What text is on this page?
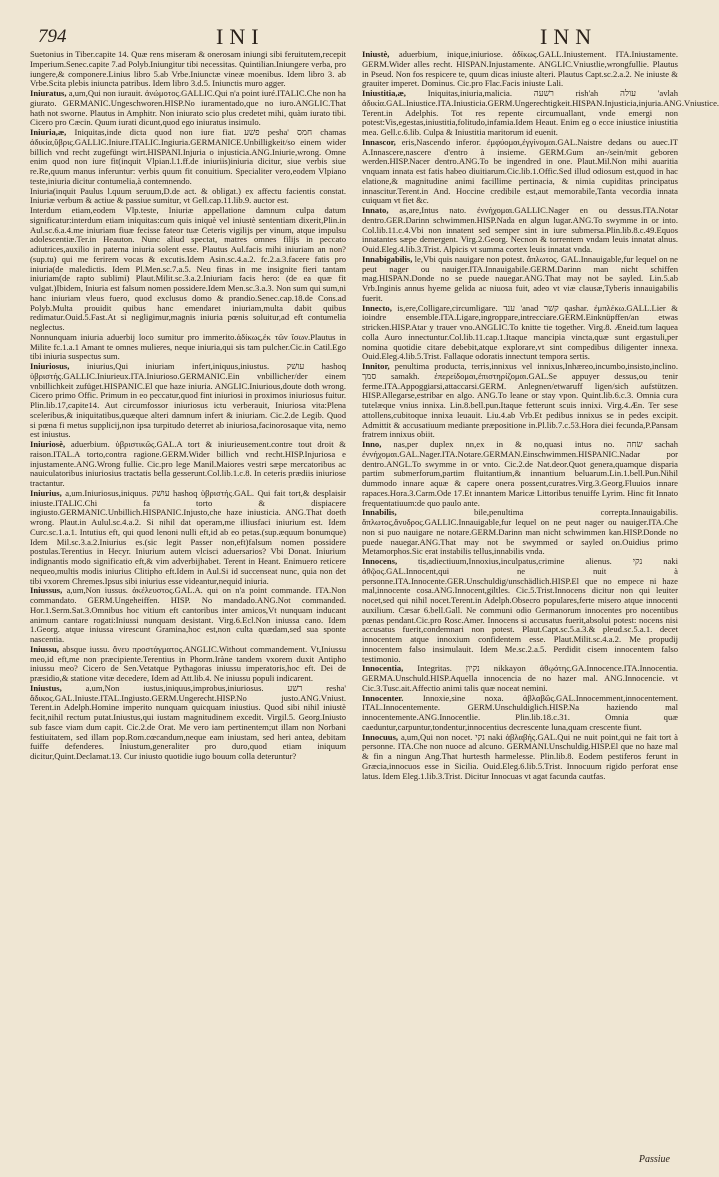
794	INI	INN

Suetonius in Tiber.capite 14. Quæ rens miseram & onerosam iniungi sibi feruitutem,recepit Imperium.Senec.capite 7.ad Polyb.Iniungitur tibi necessitas. Quintilian.Iniungere verba, pro iungere,& componere.Linius libro 5.ab Vrbe.Iniunctæ vineæ moenibus. Idem libro 3. ab Vrbe.Scita plebis iniuncta patribus. Idem libro 3.d.5. Iniunctis muro agger.

Iniuratus, a,um,Qui non iurauit. ἀνώμοτος.GALLIC.Qui n'a point iuré.ITALIC.Che non ha giurato. GERMANIC.Ungeschworen.HISP.No iuramentado,que no iuro.ANGLIC.That hath not sworne. Plautus in Amphitr. Non iniurato scio plus credetet mihi, quàm iurato tibi. Cicero pro Cæcin. Quum iurati dicunt,quod ego iniuratus insimulo.

Iniuria,æ, Iniquitas,inde dicta quod non iure fiat. פשׁע pesha' חמס chamas ἀδικία,ὕβρις.GALLIC.Iniure.ITALIC.Ingiuria.GERMANICE.Unbilligkeit/so einem wider billich vnd recht zugefüngt wirt.HISPANI.Injuria o injusticia.ANG.Iniurie,wrong. Omne enim quod non iure fit(inquit Vlpian.l.1.ff.de iniuriis)iniuria dicitur, siue verbis siue re.Re,quum manus inferuntur: verbis quum fit conuitium. Specialiter vero,eodem Vlpiano teste,iniuria dicitur contumelia,à contemnendo.

Iniuria(inquit Paulus l.quum seruum,D.de act. & obligat.) ex affectu facientis constat. Iniuriæ verbum & actiue & passiue sumitur, vt Gell.cap.11.lib.9. auctor est.

Interdum etiam,eodem Vlp.teste, Iniuriæ appellatione damnum culpa datum significatur:interdum etiam iniquitas:cum quis iniquè vel iniustè sententiam dixerit,Plin.in Aul.sc.6.a.4.me iniuriam fiuæ fecisse fateor tuæ Ceteris vigilijs per vinum, atque impulsu adolescentiæ.Ter.in Heauton. Nunc aliud spectat, matres omnes filijs in peccato adiutrices,auxilio in paterna iniuria solent esse. Plautus Aul.facis mihi iniuriam an non?(sup.tu) qui me ferirem vocas & excutis.Idem Asin.sc.4.a.2. fc.2.a.3.facere fatis pro iniuria(de maledictis. Idem Pl.Men.sc.7.a.5. Neu finas in me insignite fieri tantam iniuriam(de rapto sublimi) Plaut.Milit.sc.3.a.2.Iniuriam facis hero: (de ea quæ fit vulgat.)Ibidem, Iniuria est falsum nomen possidere.Idem Men.sc.3.a.3. Non sum qui sum,ni hanc iniuriam vleus fuero, quod exclusus domo & prandio.Senec.cap.18.de Cons.ad Polyb.Multa prouidit quibus hanc emendaret iniuriam,multa dabit quibus redimatur.Ouid.5.Fast.At si negligimur,magnis iniuria pœnis soluitur,ad eft contumelia neglectus.

Nonnunquam iniuria aduerbij loco sumitur pro immerito.ἀδίκως,ἐκ τῶν ἴσων.Plautus in Milite fc.1.a.1 Amant te omnes mulieres, neque iniuria,qui sis tam pulcher.Cic.in Catil.Ego tibi iniuria suspectus sum.

Iniuriosus, iniurius,Qui iniuriam infert,iniquus,iniustus. עושׁק hashoq ὑβριστής.GALLIC.Iniurieux.ITA.Iniurioso.GERMANIC.Ein vnbillicher/der einem vnbillichkeit zufüget.HISPANIC.El que haze iniuria. ANGLIC.Iniurious,doute doth wrong. Cicero primo Offic. Primum in eo peccatur,quod fint iniuriosi in proximos iniuriosus fuitur. Plin.lib.17,capite14. Aut circumfossor iniuriosus ictu verberauit, Iniuriosa vita:Plena sceleribus,& iniquitatibus,quæque alteri damnum infert & iniuriam. Cic.2.de Legib. Quod si pœna fi metus supplicij,non ipsa turpitudo deterret ab iniuriosa,facinorosaque vita, nemo est iniustus.

Iniuriosè, aduerbium. ὑβριστικῶς.GAL.A tort & iniurieusement.contre tout droit & raison.ITAL.A torto,contra ragione.GERM.Wider billich vnd recht.HISP.Injuriosa e injustamente.ANG.Wrong fullie. Cic.pro lege Manil.Maiores vestri sæpe mercatoribus ac nauiculatoribus iniuriosius tractatis bella gesserunt.Col.lib.1.c.8. In ceteris prædiis iniuriose tractantur.

Iniurius, a,um.Iniuriosus,iniquus. עושׁק hashoq ὑβριστής.GAL. Qui fait tort,& desplaisir iniuste.ITALIC.Chi fa torto & dispiacere ingiusto.GERMANIC.Unbillich.HISPANIC.Injusto,che haze iniusticia. ANG.That doeth wrong. Plaut.in Aulul.sc.4.a.2. Si nihil dat operam,me illiusfaci iniurium est. Idem Curc.sc.1.a.1. Intutius eft, qui quod lenoni nulli eft,id ab eo petas.(sup.æquum bonumque) Idem Mil.sc.3.a.2.Iniurius es.(sic legit Passer non,eft)falsum nomen possidere postulas.Terentius in Hecyr. Iniurium autem vlcisci aduersarios? Vbi Donat. Iniurium indignantis modo significatio eft,& vim adverbijhabet. Terent in Heant. Enimuero reticere nequeo,multis modis iniurius Clitipho eft.Idem in Aul.Si id succenseat nunc, quia non det tibi vxorem Chremes.Ipsus sibi iniurius esse videantur,nequid iniuria.

Iniussus, a,um,Non iussus. ἀκέλευστος.GAL.A. qui on n'a point commande. ITA.Non commandato. GERM.Ungeheiffen. HISP. No mandado.ANG.Not commanded. Hor.1.Serm.Sat.3.Omnibus hoc vitium eft cantoribus inter amicos,Vt nunquam inducant animum cantare rogati:Iniussi nunquam desistant. Virg.6.Ecl.Non iniussa cano. Idem 1.Georg. atque iniussa virescunt Gramina,hoc est,non culta quædam,sed sua sponte nascentia.

Iniussu, absque iussu. ἄνευ προστάγματος.ANGLIC.Without commandement. Vt,Iniussu meo,id eft,me non præcipiente.Terentius in Phorm.Iràne tandem vxorem duxit Antipho iniussu meo? Cicero de Sen.Vetatque Pythagoras iniussu imperatoris,hoc eft. Dei de præsidio,& statione vitæ decedere, Idem ad Att.lib.4. Ne iniussu populi indicarent.

Iniustus,	a,um,Non iustus,iniquus,improbus,iniuriosus. רשׁע resha' ἄδικος.GAL.Iniuste.ITAL.Ingiusto.GERM.Ungerecht.HISP.No justo.ANG.Vniust. Terent.in Adelph.Homine imperito nunquam quicquam iniustius. Quod sibi nihil iniustè fecit,nihil rectum putat.Iniustus,qui iustam magnitudinem excedit. Virgil.5. Georg.Iniusto sub fasce viam dum capit. Cic.2.de Orat. Me vero iam pertinentem;ut illam non Norbani festiuitatem, sed illam pop.Rom.cœcandum,neque eam iniustam, sed heri antea, debitam fuiffe defenderes. Iniustum,generaliter pro duro,quod etiam iniquum dicitur,Quint.Declamat.13. Cur iniusto quotidie iugo bouum colla deteruntur?

Iniustè, aduerbium, inique,iniuriose. ἀδίκως.GALL.Iniustement. ITA.Iniustamente. GERM.Wider alles recht. HISPAN.Injustamente. ANGLIC.Vniustlie,wrongfullie. Plautus in Pseud. Non fos respicere te, quum dicas iniuste alteri. Plautus Capt.sc.2.a.2. Ne iniuste & grauiter imperet. Dominus. Cic.pro Flac.Facis iniuste Lali.

Iniustitia,æ,	Iniquitas,iniuria,malicia. רשׁעה rish'ah עולה 'avlah ἀδικία.GAL.Iniustice.ITA.Iniusticia.GERM.Ungerechtigkeit.HISPAN.Injusticia,injuria.ANG.Vniustice. Terent.in Adelphis. Tot res repente circumuallant, vnde emergi non potest:Vis,egestas,iniustitia,folitudo,infamia.Idem Heaut. Enim eg o ecce iniustice iniustitia mea. Gell.c.6.lib. Culpa & Iniustitia maritorum id euenit.

Innascor, eris,Nascendo inferor. ἐμφύομαι,ἐγγίνομαι.GAL.Naistre dedans ou auec.IT A.Innascere,nascere d'entro à insieme. GERM.Gum an-/sein/mit geboren werden.HISP.Nacer dentro.ANG.To be ingendred in one. Plaut.Mil.Non mihi auaritia vnquam innata est fatis habeo diuitiarum.Cic.lib.1.Offic.Sed illud odiosum est,quod in hac elatione,& magnitudine animi facillime pertinacia, & nimia cupiditas principatus innascitur.Terent.in And. Hoccine credibile est,aut memorabile,Tanta vecordia innata cuiquam vt fiet &c.

Innato, as,are,Intus nato. ἐννήχομαι.GALLIC.Nager en ou dessus.ITA.Notar dentro.GER.Darinn schwimmen.HISP.Nada en algun lugar.ANG.To swymme in or into. Col.lib.11.c.4.Vbi non innatent sed semper sint in iure submersa.Plin.lib.8.c.49.Equos innatantes sæpe demergent. Virg.2.Georg. Necnon & torrentem vndam leuis innatat alnus. Ouid.Eleg.4.lib.3.Trist. Alpicis vt summa cortex leuis innatat vnda.

Innabigabilis, le,Vbi quis nauigare non potest. ἄπλωτος. GAL.Innauigable,fur lequel on ne peut nager ou nauiger.ITA.Innauigabile.GERM.Darinn man nicht schiffen mag.HISPAN.Donde no se puede nauegar.ANG.That may not be sayled. Lin.5.ab Vrb.Inginis annus hyeme gelida ac niuosa fuit, adeo vt viæ clausæ,Tyberis innauigabilis fuerit.

Innecto, is,ere,Colligare,circumligare. ענד 'anad קשׁר qashar. ἐμπλέκω.GALL.Lier & ioindre ensemble.ITA.Ligare,ingroppare,intrecciare.GERM.Einknüpffen/an etwas stricken.HISP.Atar y trauer vno.ANGLIC.To knitte tie together. Virg.8. Æneid.tum laquea colla Auro innectuntur.Col.lib.11.cap.1.Itaque mancipia vincta,quæ sunt ergastuli,per nomina quotidie citare debebit,atque explorare,vt sint compedibus diligenter innexa. Ouid.Eleg.4.lib.5.Trist. Fallaque odoratis innectunt tempora sertis.

Innitor, penultima producta, terris,innixus vel innixus,Inhæreo,incumbo,insisto,inclino. סמך samakh. ἐπερείδομαι,ἐπιστηρίζομαι.GAL.Se appuyer dessus,ou tenir ferme.ITA.Appoggiarsi,attaccarsi.GERM. Anlegnen/etwaruff ligen/sich aufstützen. HISP.Allegarse,estribar en algo. ANG.To leane or stay vpon. Quint.lib.6.c.3. Omnia cura tutelæque vnius innixa. Lin.8.bell.pun.Itaque fetterunt scuis innixi. Virg.4.Æn. Ter sese attollens,cubitoque innixa leuauit. Liu.4.ab Vrb.Et pedibus innixus se in pedes excipit. Admittit & accusatiuum mediante præpositione in.Pl.lib.7.c.53.Hora diei fecunda,P.Pansam fratrem innixus obiit.

Inno, nas,per duplex nn,ex in & no,quasi intus no. שׂחה sachah ἐννήχομαι.GAL.Nager.ITA.Notare.GERMAN.Einschwimmen.HISPANIC.Nadar por dentro.ANGL.To swymme in or vnto. Cic.2.de Nat.deor.Quot genera,quamque disparia partim submerforum,partim fluitantium,& innantium beluarum.Lin.1.bell.Pun.Nihil dummodo innare aquæ & capere onera possent,curatres.Virg.3.Georg.Fluuios innare rapaces.Hora.3.Carm.Ode 17.Et innantem Maricæ Littoribus tenuiffe Lyrim. Hinc fit Innato frequentatiuum:de quo paulo ante.

Innabilis,	bile,penultima correpta.Innauigabilis. ἄπλωτος,ἄνυδρος.GALLIC.Innauigable,fur lequel on ne peut nager ou nauiger.ITA.Che non si puo nauigare ne notare.GERM.Darinn man nicht schwimmen kan.HISP.Donde no puede nauegar.ANG.That may not be swymmed or sayled on.Ouidius primo Metamorphos.Sic erat instabilis tellus,innabilis vnda.

Innocens, tis,adiectiuum,Innoxius,inculpatus,crimine alienus. נקי naki ἀθῷος.GAL.Innocent,qui ne nuit à personne.ITA.Innocente.GER.Unschuldig/unschädlich.HISP.El que no empece ni haze mal,innocente cosa.ANG.Innocent,giltles. Cic.5.Trist.Innocens dicitur non qui leuiter nocet,sed qui nihil nocet.Terent.in Adelph.Obsecro populares,ferte misero atque innocenti auxilium. Cæsar 6.bell.Gall. Ne communi odio Germanorum innocentes pro nocentibus pœnas pendant.Cic.pro Rosc.Amer. Innocens si accusatus fuerit,absolui potest: nocens nisi accusatus fuerit,condemnari non potest. Plaut.Capt.sc.5.a.3.& pleud.sc.5.a.1. decet innocentem atque innoxium confidentem esse. Plaut.Milit.sc.4.a.2. Me propudij innocentem falso insimulauit. Idem Me.sc.2.a.5. Perdidit cisem innocentem falso testimonio.

Innocentia, Integritas. נקיון nikkayon ἀθῳότης.GA.Innocence.ITA.Innocentia. GERMA.Unschuld.HISP.Aquella innocencia de no hazer mal. ANG.Innocencie. vt Cic.3.Tusc.ait.Affectio animi talis quæ noceat nemini.

Innocenter. Innoxie,sine noxa. ἀβλαβῶς.GAL.Innocemment,innocentement. ITAL.Innocentemente. GERM.Unschuldiglich.HISP.Na haziendo mal innocentemente.ANG.Innocentlie. Plin.lib.18.c.31. Omnia quæ caeduntur,carpuntur,tondentur,innocentius decrescente luna,quam crescente fiunt.

Innocuus, a,um,Qui non nocet. נקי naki ἀβλαβής.GAL.Qui ne nuit point,qui ne fait tort à personne. ITA.Che non nuoce ad alcuno. GERMANI.Unschuldig.HISP.El que no haze mal & fin a ningun Ang.That hurtesth harmelesse. Plin.lib.8. Eodem pestiferos ferunt in Græcia,innocuos esse in Sicilia. Ouid.Eleg.6.lib.5.Trist. Innocuum rigido perforat ense latus. Idem Eleg.1.lib.3.Trist. Dicitur Innocuas vt agat facunda cautfas.

Passiue
